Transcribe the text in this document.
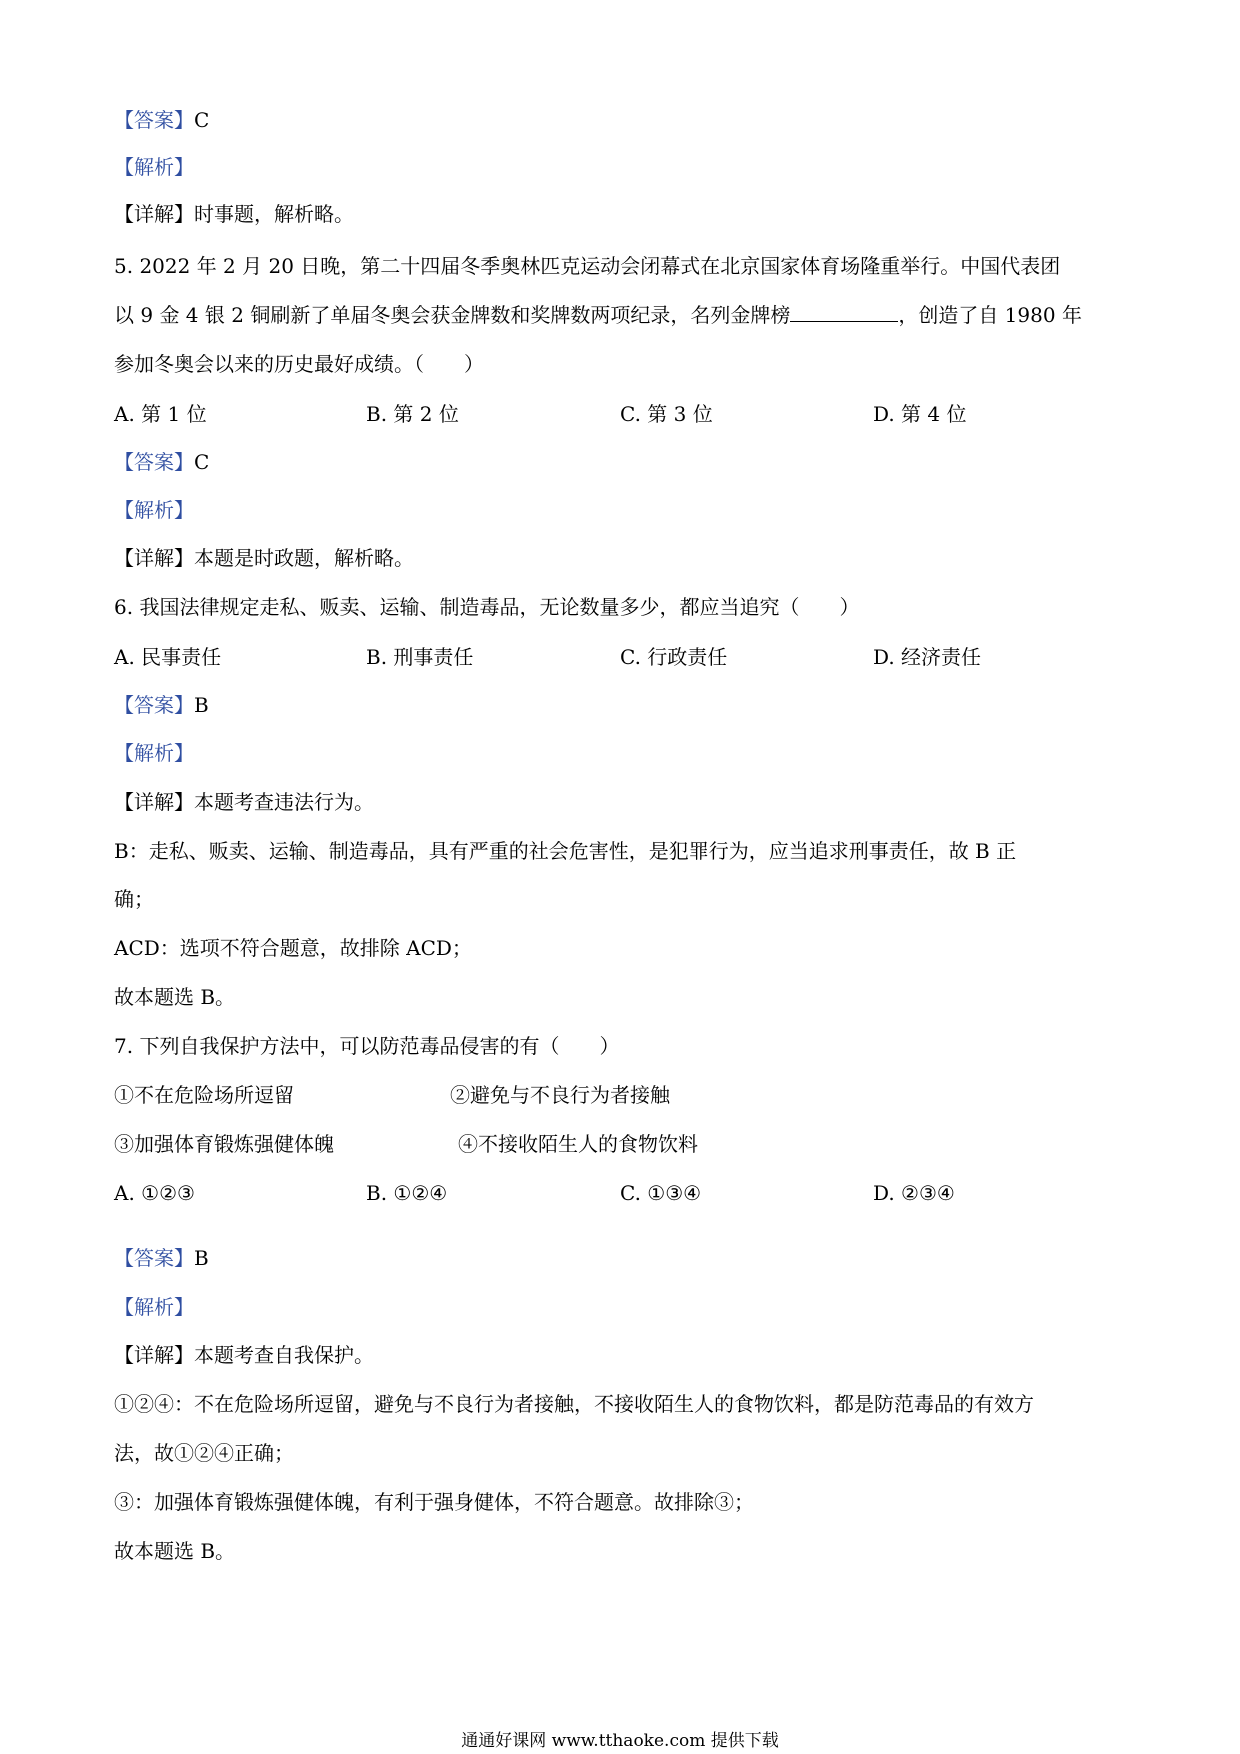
【答案】C
【解析】
【详解】时事题，解析略。
5. 2022 年 2 月 20 日晚，第二十四届冬季奥林匹克运动会闭幕式在北京国家体育场隆重举行。中国代表团
以 9 金 4 银 2 铜刷新了单届冬奥会获金牌数和奖牌数两项纪录，名列金牌榜	，创造了自 1980 年
参加冬奥会以来的历史最好成绩。（　　）
A. 第 1 位	B. 第 2 位	C. 第 3 位	D. 第 4 位
【答案】C
【解析】
【详解】本题是时政题，解析略。
6. 我国法律规定走私、贩卖、运输、制造毒品，无论数量多少，都应当追究（　　）
A. 民事责任	B. 刑事责任	C. 行政责任	D. 经济责任
【答案】B
【解析】
【详解】本题考查违法行为。
B：走私、贩卖、运输、制造毒品，具有严重的社会危害性，是犯罪行为，应当追求刑事责任，故 B 正
确；
ACD：选项不符合题意，故排除 ACD；
故本题选 B。
7. 下列自我保护方法中，可以防范毒品侵害的有（　　）
①不在危险场所逗留	②避免与不良行为者接触
③加强体育锻炼强健体魄	④不接收陌生人的食物饮料
A. ①②③	B. ①②④	C. ①③④	D. ②③④
【答案】B
【解析】
【详解】本题考查自我保护。
①②④：不在危险场所逗留，避免与不良行为者接触，不接收陌生人的食物饮料，都是防范毒品的有效方
法，故①②④正确；
③：加强体育锻炼强健体魄，有利于强身健体，不符合题意。故排除③；
故本题选 B。
通通好课网 www.tthaoke.com 提供下载
